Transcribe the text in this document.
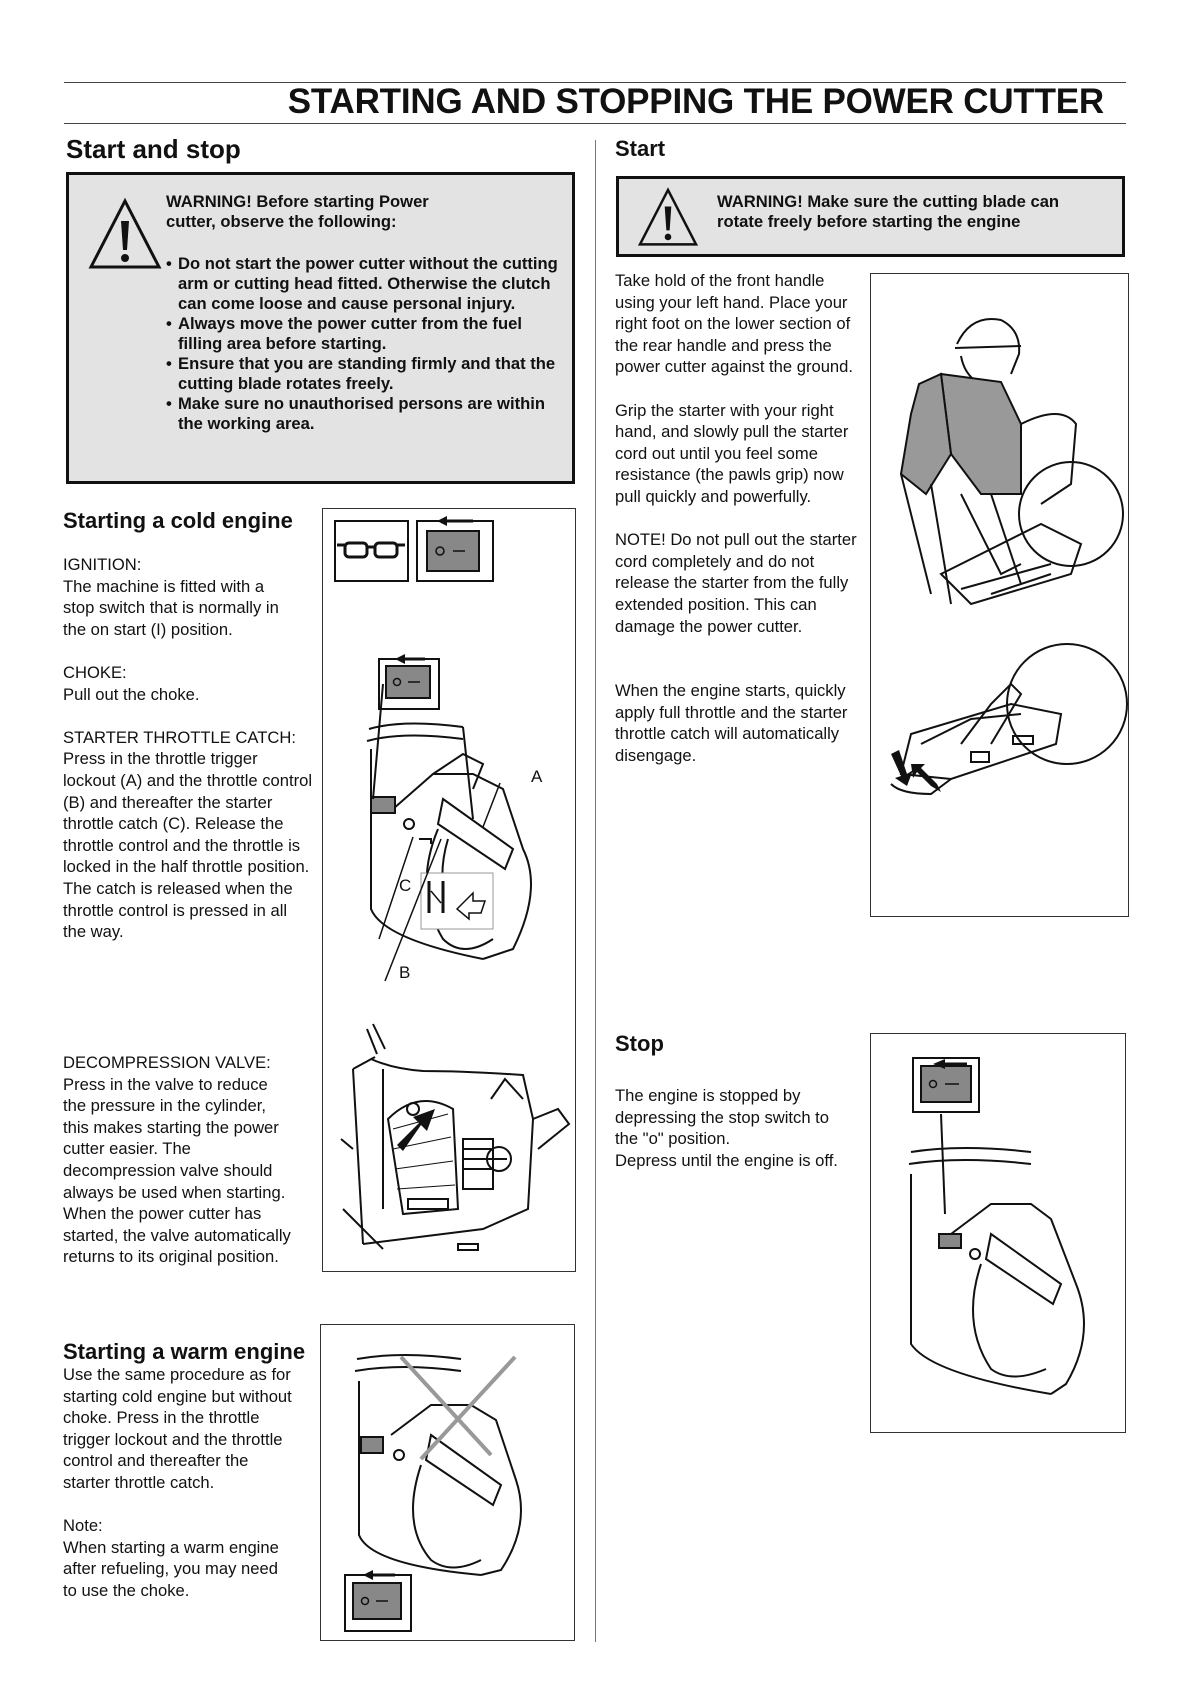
STARTING AND STOPPING THE POWER CUTTER
Start and stop
WARNING! Before starting Power cutter, observe the following:
• Do not start the power cutter without the cutting arm or cutting head fitted. Otherwise the clutch can come loose and cause personal injury.
• Always move the power cutter from the fuel filling area before starting.
• Ensure that you are standing firmly and that the cutting blade rotates freely.
• Make sure no unauthorised persons are within the working area.
Starting a cold engine

IGNITION:

The machine is fitted with a stop switch that is normally in the on start (I) position.

CHOKE:

Pull out the choke.

STARTER THROTTLE CATCH:

Press in the throttle trigger lockout (A) and the throttle control (B) and thereafter the starter throttle catch (C). Release the throttle control and the throttle is locked in the half throttle position. The catch is released when the throttle control is pressed in all the way.

DECOMPRESSION VALVE:

Press in the valve to reduce the pressure in the cylinder, this makes starting the power cutter easier. The decompression valve should always be used when starting. When the power cutter has started, the valve automatically returns to its original position.

A
C
B
Starting a warm engine

Use the same procedure as for starting cold engine but without choke. Press in the throttle trigger lockout and the throttle control and thereafter the starter throttle catch.

Note:

When starting a warm engine after refueling, you may need to use the choke.

Start
WARNING! Make sure the cutting blade can rotate freely before starting the engine

Take hold of the front handle using your left hand. Place your right foot on the lower section of the rear handle and press the power cutter against the ground.

Grip the starter with your right hand, and slowly pull the starter cord out until you feel some resistance (the pawls grip) now pull quickly and powerfully.

NOTE! Do not pull out the starter cord completely and do not release the starter from the fully extended position. This can damage the power cutter.

When the engine starts, quickly apply full throttle and the starter throttle catch will automatically disengage.

Stop

The engine is stopped by depressing the stop switch to the "o" position.

Depress until the engine is off.
